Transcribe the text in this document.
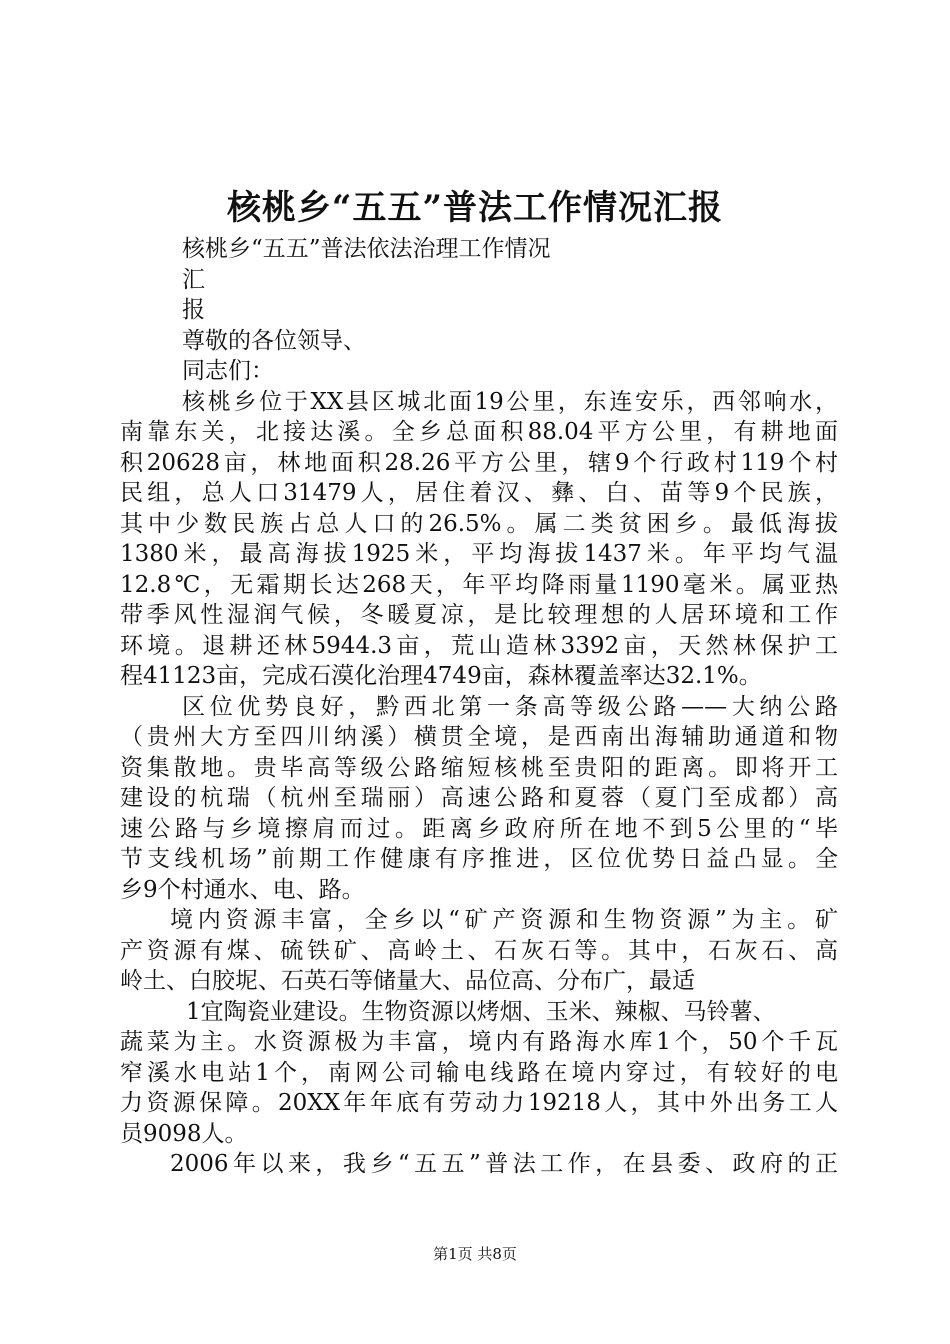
核桃乡“五五”普法工作情况汇报
核桃乡“五五”普法依法治理工作情况
汇
报
尊敬的各位领导、
同志们：
核桃乡位于XX县区城北面19公里，东连安乐，西邻响水，
南靠东关，北接达溪。全乡总面积88.04平方公里，有耕地面
积20628亩，林地面积28.26平方公里，辖9个行政村119个村
民组，总人口31479人，居住着汉、彝、白、苗等9个民族，
其中少数民族占总人口的26.5%。属二类贫困乡。最低海拔
1380米，最高海拔1925米，平均海拔1437米。年平均气温
12.8℃，无霜期长达268天，年平均降雨量1190毫米。属亚热
带季风性湿润气候，冬暖夏凉，是比较理想的人居环境和工作
环境。退耕还林5944.3亩，荒山造林3392亩，天然林保护工
程41123亩，完成石漠化治理4749亩，森林覆盖率达32.1%。
区位优势良好，黔西北第一条高等级公路——大纳公路
（贵州大方至四川纳溪）横贯全境，是西南出海辅助通道和物
资集散地。贵毕高等级公路缩短核桃至贵阳的距离。即将开工
建设的杭瑞（杭州至瑞丽）高速公路和夏蓉（夏门至成都）高
速公路与乡境擦肩而过。距离乡政府所在地不到5公里的“毕
节支线机场”前期工作健康有序推进，区位优势日益凸显。全
乡9个村通水、电、路。
境内资源丰富，全乡以“矿产资源和生物资源”为主。矿
产资源有煤、硫铁矿、高岭土、石灰石等。其中，石灰石、高
岭土、白胶坭、石英石等储量大、品位高、分布广，最适
1宜陶瓷业建设。生物资源以烤烟、玉米、辣椒、马铃薯、
蔬菜为主。水资源极为丰富，境内有路海水库1个，50个千瓦
窄溪水电站1个，南网公司输电线路在境内穿过，有较好的电
力资源保障。20XX年年底有劳动力19218人，其中外出务工人
员9098人。
2006年以来，我乡“五五”普法工作，在县委、政府的正
第1页 共8页
